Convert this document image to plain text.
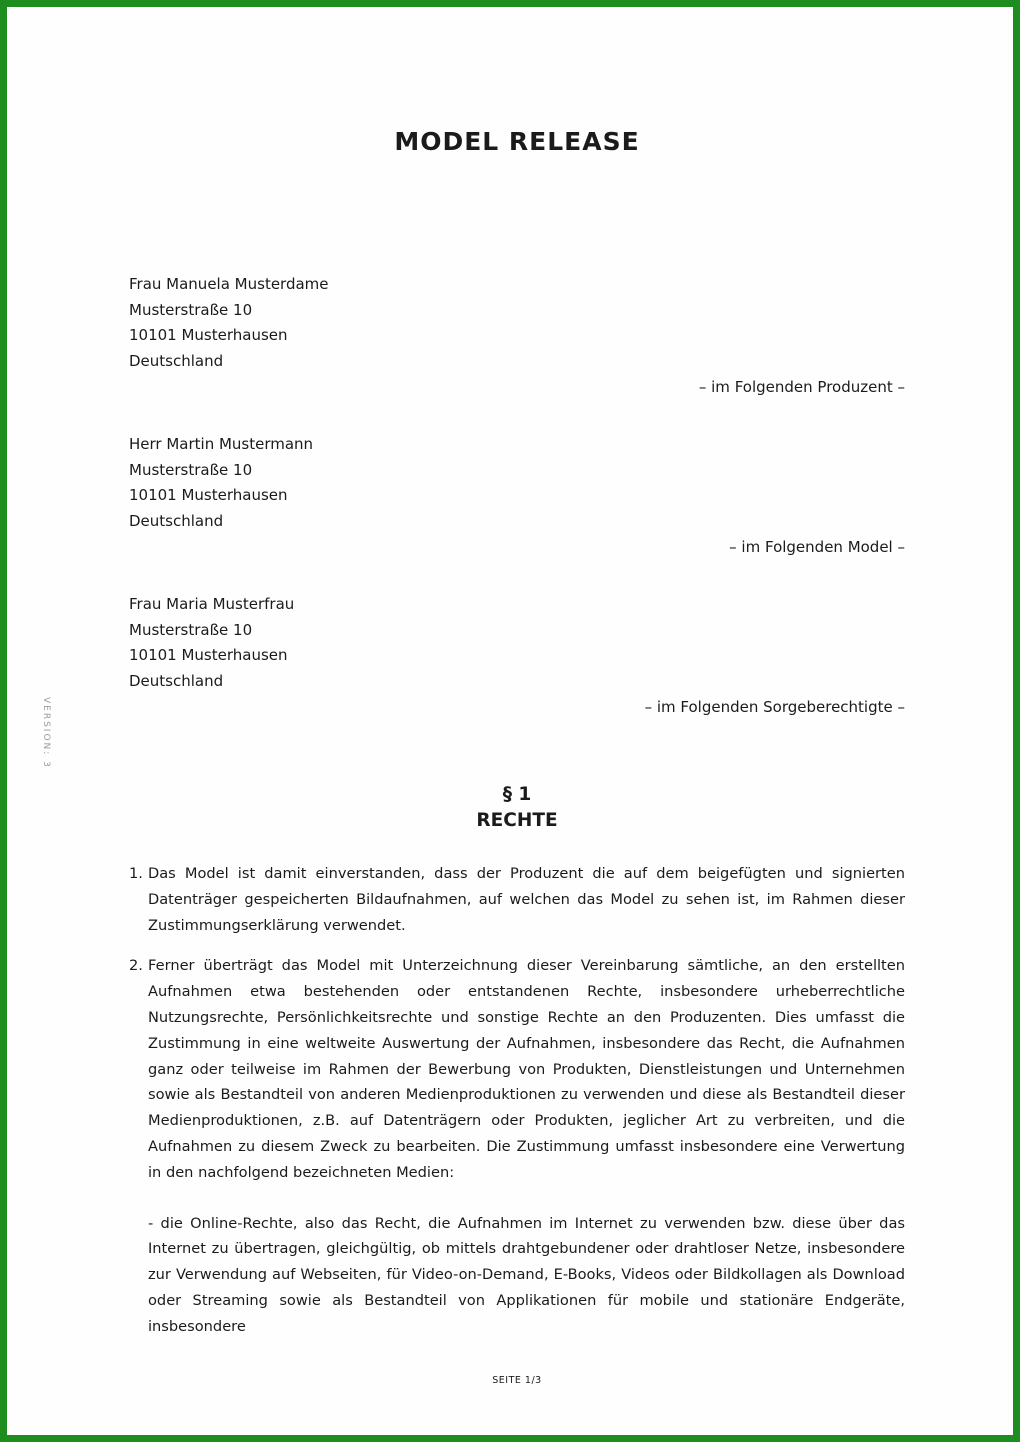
MODEL RELEASE
Frau Manuela Musterdame
Musterstraße 10
10101 Musterhausen
Deutschland
– im Folgenden Produzent –
Herr Martin Mustermann
Musterstraße 10
10101 Musterhausen
Deutschland
– im Folgenden Model –
Frau Maria Musterfrau
Musterstraße 10
10101 Musterhausen
Deutschland
– im Folgenden Sorgeberechtigte –
VERSION: 3
§ 1
RECHTE
1. Das Model ist damit einverstanden, dass der Produzent die auf dem beigefügten und signierten Datenträger gespeicherten Bildaufnahmen, auf welchen das Model zu sehen ist, im Rahmen dieser Zustimmungserklärung verwendet.
2. Ferner überträgt das Model mit Unterzeichnung dieser Vereinbarung sämtliche, an den erstellten Aufnahmen etwa bestehenden oder entstandenen Rechte, insbesondere urheberrechtliche Nutzungsrechte, Persönlichkeitsrechte und sonstige Rechte an den Produzenten. Dies umfasst die Zustimmung in eine weltweite Auswertung der Aufnahmen, insbesondere das Recht, die Aufnahmen ganz oder teilweise im Rahmen der Bewerbung von Produkten, Dienstleistungen und Unternehmen sowie als Bestandteil von anderen Medienproduktionen zu verwenden und diese als Bestandteil dieser Medienproduktionen, z.B. auf Datenträgern oder Produkten, jeglicher Art zu verbreiten, und die Aufnahmen zu diesem Zweck zu bearbeiten. Die Zustimmung umfasst insbesondere eine Verwertung in den nachfolgend bezeichneten Medien:
- die Online-Rechte, also das Recht, die Aufnahmen im Internet zu verwenden bzw. diese über das Internet zu übertragen, gleichgültig, ob mittels drahtgebundener oder drahtloser Netze, insbesondere zur Verwendung auf Webseiten, für Video-on-Demand, E-Books, Videos oder Bildkollagen als Download oder Streaming sowie als Bestandteil von Applikationen für mobile und stationäre Endgeräte, insbesondere
SEITE 1/3
